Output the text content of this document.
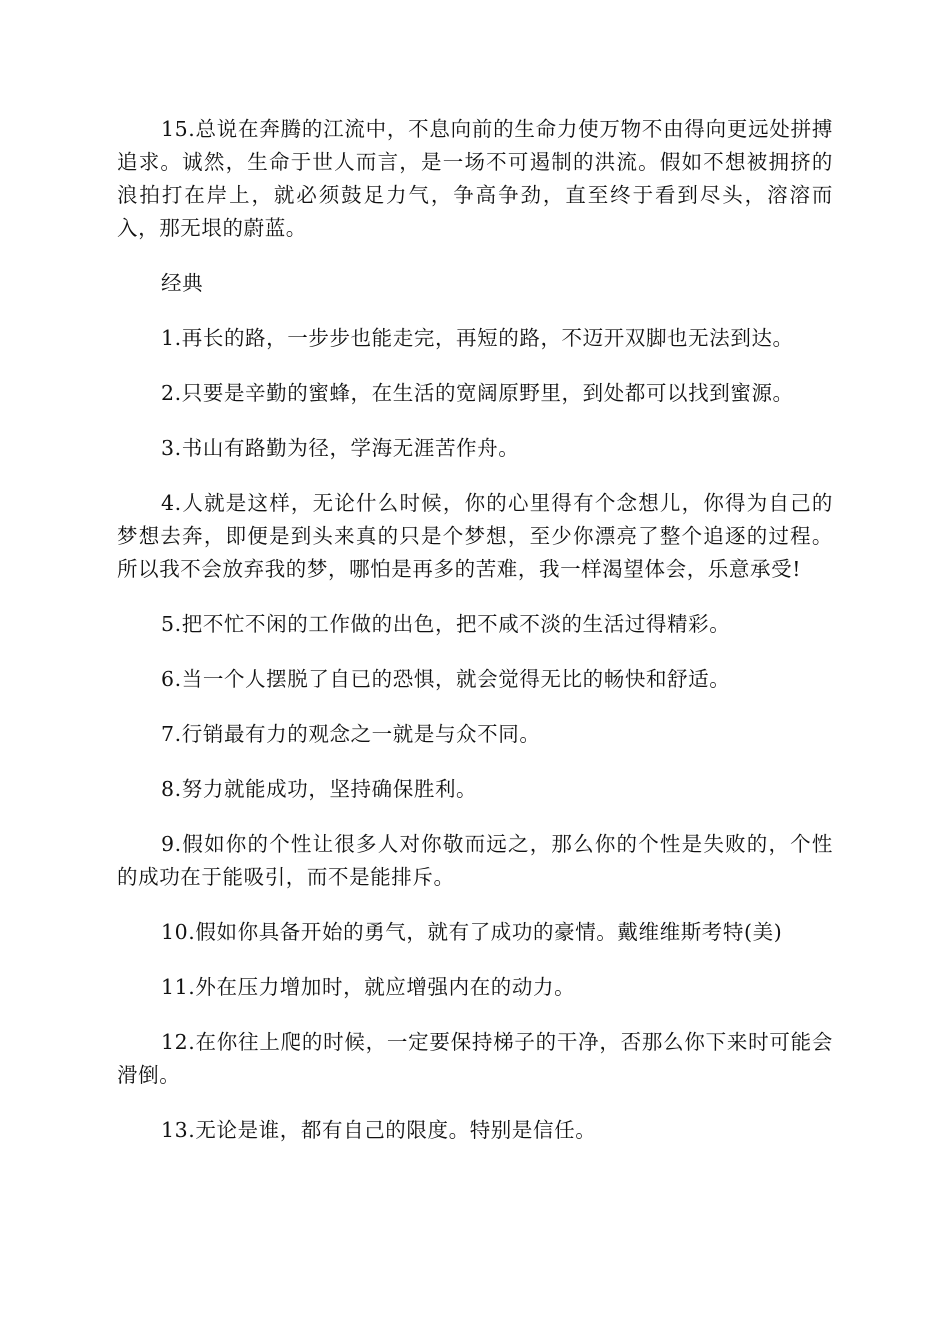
15.总说在奔腾的江流中，不息向前的生命力使万物不由得向更远处拼搏追求。诚然，生命于世人而言，是一场不可遏制的洪流。假如不想被拥挤的浪拍打在岸上，就必须鼓足力气，争高争劲，直至终于看到尽头，溶溶而入，那无垠的蔚蓝。

经典

1.再长的路，一步步也能走完，再短的路，不迈开双脚也无法到达。

2.只要是辛勤的蜜蜂，在生活的宽阔原野里，到处都可以找到蜜源。

3.书山有路勤为径，学海无涯苦作舟。

4.人就是这样，无论什么时候，你的心里得有个念想儿，你得为自己的梦想去奔，即便是到头来真的只是个梦想，至少你漂亮了整个追逐的过程。所以我不会放弃我的梦，哪怕是再多的苦难，我一样渴望体会，乐意承受!

5.把不忙不闲的工作做的出色，把不咸不淡的生活过得精彩。

6.当一个人摆脱了自已的恐惧，就会觉得无比的畅快和舒适。

7.行销最有力的观念之一就是与众不同。

8.努力就能成功，坚持确保胜利。

9.假如你的个性让很多人对你敬而远之，那么你的个性是失败的，个性的成功在于能吸引，而不是能排斥。

10.假如你具备开始的勇气，就有了成功的豪情。戴维维斯考特(美)

11.外在压力增加时，就应增强内在的动力。

12.在你往上爬的时候，一定要保持梯子的干净，否那么你下来时可能会滑倒。

13.无论是谁，都有自己的限度。特别是信任。
